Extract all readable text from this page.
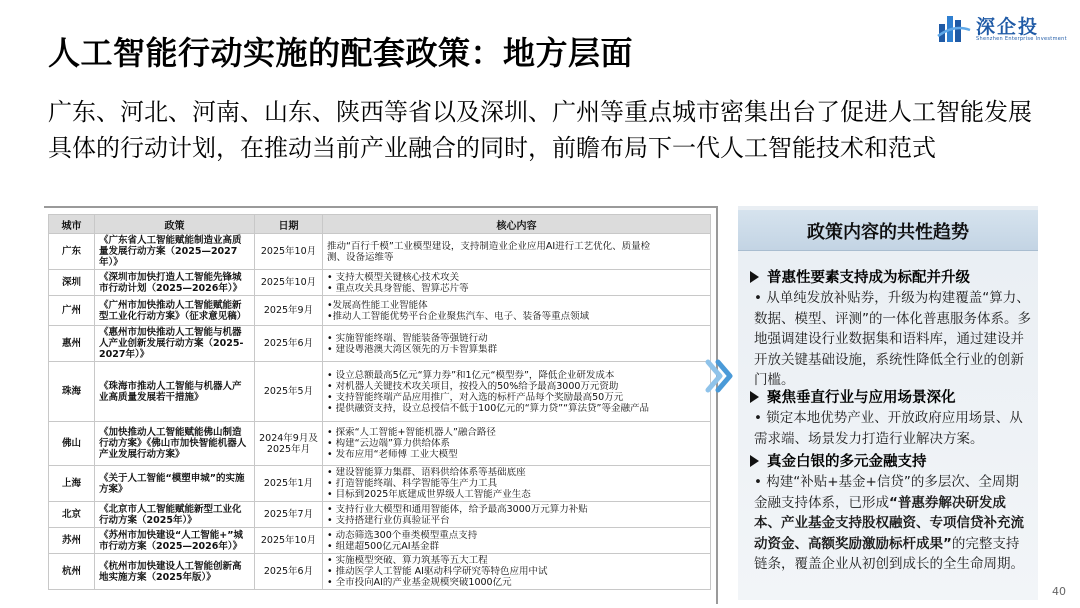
人工智能行动实施的配套政策：地方层面
深企投
Shenzhen Enterprise Investment
广东、河北、河南、山东、陕西等省以及深圳、广州等重点城市密集出台了促进人工智能发展具体的行动计划，在推动当前产业融合的同时，前瞻布局下一代人工智能技术和范式
城市	政策	日期	核心内容
广东	《广东省人工智能赋能制造业高质量发展行动方案（2025—2027年）》	2025年10月	推动“百行千模”工业模型建设，支持制造业企业应用AI进行工艺优化、质量检
测、设备运维等

深圳	《深圳市加快打造人工智能先锋城市行动计划（2025—2026年）》	2025年10月	• 支持大模型关键核心技术攻关
• 重点攻关具身智能、智算芯片等

广州	《广州市加快推动人工智能赋能新型工业化行动方案》（征求意见稿）	2025年9月	•发展高性能工业智能体
•推动人工智能优势平台企业聚焦汽车、电子、装备等重点领域

惠州	《惠州市加快推动人工智能与机器人产业创新发展行动方案（2025-2027年）》	2025年6月	• 实施智能终端、智能装备等强链行动
• 建设粤港澳大湾区领先的万卡智算集群

珠海	《珠海市推动人工智能与机器人产业高质量发展若干措施》	2025年5月	• 设立总额最高5亿元“算力券”和1亿元“模型券”，降低企业研发成本
• 对机器人关键技术攻关项目，按投入的50%给予最高3000万元资助
• 支持智能终端产品应用推广，对入选的标杆产品每个奖励最高50万元
• 提供融资支持，设立总授信不低于100亿元的“算力贷”“算法贷”等金融产品

佛山	《加快推动人工智能赋能佛山制造行动方案》《佛山市加快智能机器人产业发展行动方案》	2024年9月及2025年月	• 探索“人工智能+智能机器人”融合路径
• 构建“云边端”算力供给体系
• 发布应用“老师傅 工业大模型

上海	《关于人工智能“模塑申城”的实施方案》	2025年1月	• 建设智能算力集群、语料供给体系等基础底座
• 打造智能终端、科学智能等生产力工具
• 目标到2025年底建成世界级人工智能产业生态

北京	《北京市人工智能赋能新型工业化行动方案（2025年）》	2025年7月	• 支持行业大模型和通用智能体，给予最高3000万元算力补贴
• 支持搭建行业仿真验证平台

苏州	《苏州市加快建设“人工智能+”城市行动方案（2025—2026年）》	2025年10月	• 动态筛选300个垂类模型重点支持
• 组建超500亿元AI基金群

杭州	《杭州市加快建设人工智能创新高地实施方案（2025年版）》	2025年6月	• 实施模型突破、算力筑基等五大工程
• 推动医学人工智能 AI驱动科学研究等特色应用中试
• 全市投向AI的产业基金规模突破1000亿元
政策内容的共性趋势
普惠性要素支持成为标配并升级
• 从单纯发放补贴券，升级为构建覆盖“算力、数据、模型、评测”的一体化普惠服务体系。多地强调建设行业数据集和语料库，通过建设并开放关键基础设施，系统性降低全行业的创新门槛。
聚焦垂直行业与应用场景深化
• 锁定本地优势产业、开放政府应用场景、从需求端、场景发力打造行业解决方案。
真金白银的多元金融支持
• 构建“补贴+基金+信贷”的多层次、全周期金融支持体系，已形成“普惠券解决研发成本、产业基金支持股权融资、专项信贷补充流动资金、高额奖励激励标杆成果”的完整支持链条，覆盖企业从初创到成长的全生命周期。
40
